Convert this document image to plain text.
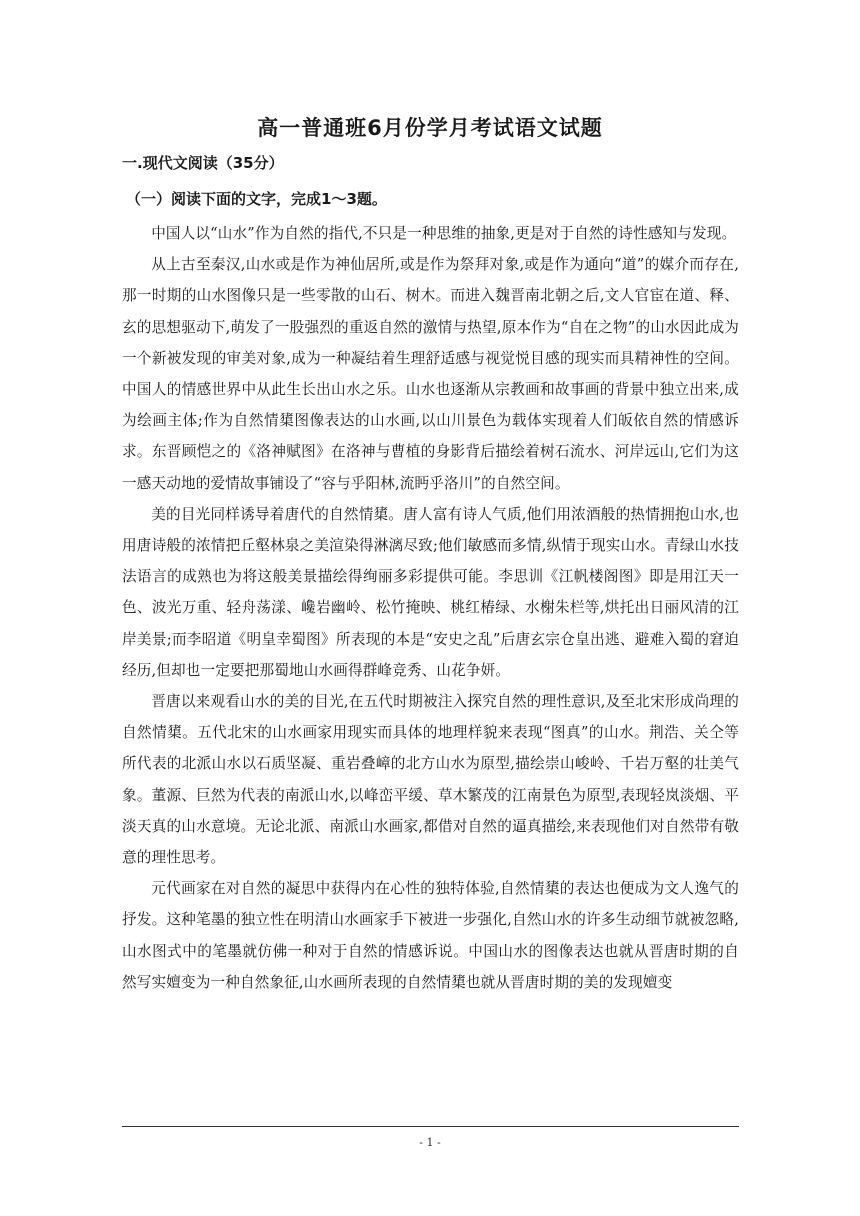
高一普通班6月份学月考试语文试题
一.现代文阅读（35分）
（一）阅读下面的文字，完成1～3题。

中国人以“山水”作为自然的指代,不只是一种思维的抽象,更是对于自然的诗性感知与发现。

从上古至秦汉,山水或是作为神仙居所,或是作为祭拜对象,或是作为通向“道”的媒介而存在,那一时期的山水图像只是一些零散的山石、树木。而进入魏晋南北朝之后,文人官宦在道、释、玄的思想驱动下,萌发了一股强烈的重返自然的激情与热望,原本作为“自在之物”的山水因此成为一个新被发现的审美对象,成为一种凝结着生理舒适感与视觉悦目感的现实而具精神性的空间。中国人的情感世界中从此生长出山水之乐。山水也逐渐从宗教画和故事画的背景中独立出来,成为绘画主体;作为自然情橥图像表达的山水画,以山川景色为载体实现着人们皈依自然的情感诉求。东晋顾恺之的《洛神赋图》在洛神与曹植的身影背后描绘着树石流水、河岸远山,它们为这一感天动地的爱情故事铺设了“容与乎阳林,流眄乎洛川”的自然空间。

美的目光同样诱导着唐代的自然情橥。唐人富有诗人气质,他们用浓酒般的热情拥抱山水,也用唐诗般的浓情把丘壑林泉之美渲染得淋漓尽致;他们敏感而多情,纵情于现实山水。青绿山水技法语言的成熟也为将这般美景描绘得绚丽多彩提供可能。李思训《江帆楼阁图》即是用江天一色、波光万重、轻舟荡漾、巉岩幽岭、松竹掩映、桃红椿绿、水榭朱栏等,烘托出日丽风清的江岸美景;而李昭道《明皇幸蜀图》所表现的本是“安史之乱”后唐玄宗仓皇出逃、避难入蜀的窘迫经历,但却也一定要把那蜀地山水画得群峰竞秀、山花争妍。

晋唐以来观看山水的美的目光,在五代时期被注入探究自然的理性意识,及至北宋形成尚理的自然情橥。五代北宋的山水画家用现实而具体的地理样貌来表现“图真”的山水。荆浩、关仝等所代表的北派山水以石质坚凝、重岩叠嶂的北方山水为原型,描绘崇山峻岭、千岩万壑的壮美气象。董源、巨然为代表的南派山水,以峰峦平缓、草木繁茂的江南景色为原型,表现轻岚淡烟、平淡天真的山水意境。无论北派、南派山水画家,都借对自然的逼真描绘,来表现他们对自然带有敬意的理性思考。

元代画家在对自然的凝思中获得内在心性的独特体验,自然情橥的表达也便成为文人逸气的抒发。这种笔墨的独立性在明清山水画家手下被进一步强化,自然山水的许多生动细节就被忽略,山水图式中的笔墨就仿佛一种对于自然的情感诉说。中国山水的图像表达也就从晋唐时期的自然写实嬗变为一种自然象征,山水画所表现的自然情橥也就从晋唐时期的美的发现嬗变

- 1 -
